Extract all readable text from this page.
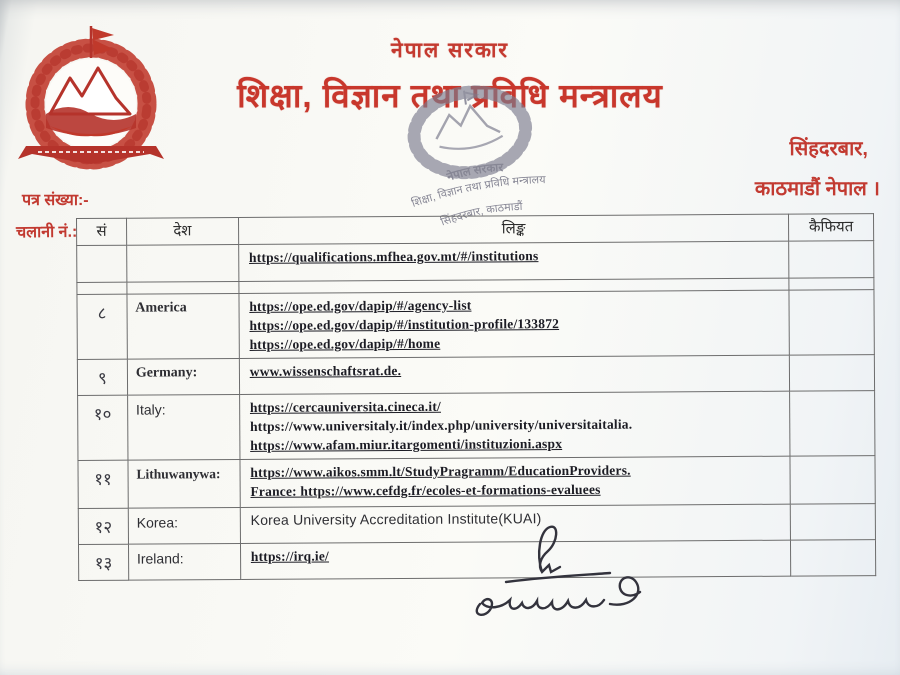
नेपाल सरकार
शिक्षा, विज्ञान तथा प्रविधि मन्त्रालय
सिंहदरबार,
काठमाडौं नेपाल ।
पत्र संख्या:-
चलानी नं.:
नेपाल सरकार
शिक्षा, विज्ञान तथा प्रविधि मन्त्रालय
सिंहदरबार, काठमाडौं
सं	देश	लिङ्क	कैफियत

		https://qualifications.mfhea.gov.mt/#/institutions	

८	America	https://ope.ed.gov/dapip/#/agency-list
https://ope.ed.gov/dapip/#/institution-profile/133872
https://ope.ed.gov/dapip/#/home	

९	Germany:	www.wissenschaftsrat.de.	

१०	Italy:	https://cercauniversita.cineca.it/
https://www.universitaly.it/index.php/university/universitaitalia.
https://www.afam.miur.itargomenti/instituzioni.aspx	

११	Lithuwanywa:	https://www.aikos.smm.lt/StudyPragramm/EducationProviders.
France: https://www.cefdg.fr/ecoles-et-formations-evaluees	

१२	Korea:	Korea University Accreditation Institute(KUAI)	

१३	Ireland:	https://irq.ie/	
